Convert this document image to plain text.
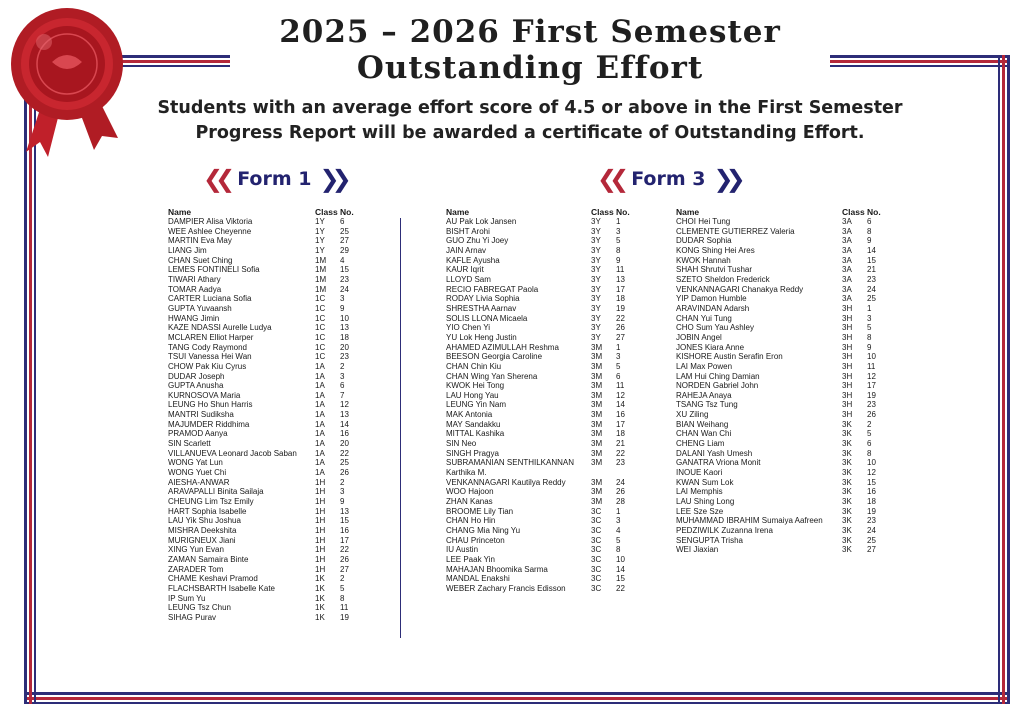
2025 – 2026 First Semester
Outstanding Effort
Students with an average effort score of 4.5 or above in the First Semester
Progress Report will be awarded a certificate of Outstanding Effort.
❮❮ Form 1 ❯❯	❮❮ Form 3 ❯❯
Name	Class	No.
DAMPIER Alisa Viktoria	1Y	6
WEE Ashlee Cheyenne	1Y	25
MARTIN Eva May	1Y	27
LIANG Jim	1Y	29
CHAN Suet Ching	1M	4
LEMES FONTINELI Sofia	1M	15
TIWARI Athary	1M	23
TOMAR Aadya	1M	24
CARTER Luciana Sofia	1C	3
GUPTA Yuvaansh	1C	9
HWANG Jimin	1C	10
KAZE NDASSI Aurelle Ludya	1C	13
MCLAREN Elliot Harper	1C	18
TANG Cody Raymond	1C	20
TSUI Vanessa Hei Wan	1C	23
CHOW Pak Kiu Cyrus	1A	2
DUDAR Joseph	1A	3
GUPTA Anusha	1A	6
KURNOSOVA Maria	1A	7
LEUNG Ho Shun Harris	1A	12
MANTRI Sudiksha	1A	13
MAJUMDER Riddhima	1A	14
PRAMOD Aanya	1A	16
SIN Scarlett	1A	20
VILLANUEVA Leonard Jacob Saban	1A	22
WONG Yat Lun	1A	25
WONG Yuet Chi	1A	26
AIESHA-ANWAR	1H	2
ARAVAPALLI Binita Sailaja	1H	3
CHEUNG Lim Tsz Emily	1H	9
HART Sophia Isabelle	1H	13
LAU Yik Shu Joshua	1H	15
MISHRA Deekshita	1H	16
MURIGNEUX Jiani	1H	17
XING Yun Evan	1H	22
ZAMAN Samaira Binte	1H	26
ZARADER Tom	1H	27
CHAME Keshavi Pramod	1K	2
FLACHSBARTH Isabelle Kate	1K	5
IP Sum Yu	1K	8
LEUNG Tsz Chun	1K	11
SIHAG Purav	1K	19
Name	Class	No.
AU Pak Lok Jansen	3Y	1
BISHT Arohi	3Y	3
GUO Zhu Yi Joey	3Y	5
JAIN Arnav	3Y	8
KAFLE Ayusha	3Y	9
KAUR Iqrit	3Y	11
LLOYD Sam	3Y	13
RECIO FABREGAT Paola	3Y	17
RODAY Livia Sophia	3Y	18
SHRESTHA Aarnav	3Y	19
SOLIS LLONA Micaela	3Y	22
YIO Chen Yi	3Y	26
YU Lok Heng Justin	3Y	27
AHAMED AZIMULLAH Reshma	3M	1
BEESON Georgia Caroline	3M	3
CHAN Chin Kiu	3M	5
CHAN Wing Yan Sherena	3M	6
KWOK Hei Tong	3M	11
LAU Hong Yau	3M	12
LEUNG Yin Nam	3M	14
MAK Antonia	3M	16
MAY Sandakku	3M	17
MITTAL Kashika	3M	18
SIN Neo	3M	21
SINGH Pragya	3M	22
SUBRAMANIAN SENTHILKANNAN	3M	23
Karthika M.		
VENKANNAGARI Kautilya Reddy	3M	24
WOO Hajoon	3M	26
ZHAN Kanas	3M	28
BROOME Lily Tian	3C	1
CHAN Ho Hin	3C	3
CHANG Mia Ning Yu	3C	4
CHAU Princeton	3C	5
IU Austin	3C	8
LEE Paak Yin	3C	10
MAHAJAN Bhoomika Sarma	3C	14
MANDAL Enakshi	3C	15
WEBER Zachary Francis Edisson	3C	22
Name	Class	No.
CHOI Hei Tung	3A	6
CLEMENTE GUTIERREZ Valeria	3A	8
DUDAR Sophia	3A	9
KONG Shing Hei Ares	3A	14
KWOK Hannah	3A	15
SHAH Shrutvi Tushar	3A	21
SZETO Sheldon Frederick	3A	23
VENKANNAGARI Chanakya Reddy	3A	24
YIP Damon Humble	3A	25
ARAVINDAN Adarsh	3H	1
CHAN Yui Tung	3H	3
CHO Sum Yau Ashley	3H	5
JOBIN Angel	3H	8
JONES Kiara Anne	3H	9
KISHORE Austin Serafin Eron	3H	10
LAI Max Powen	3H	11
LAM Hui Ching Damian	3H	12
NORDEN Gabriel John	3H	17
RAHEJA Anaya	3H	19
TSANG Tsz Tung	3H	23
XU Ziling	3H	26
BIAN Weihang	3K	2
CHAN Wan Chi	3K	5
CHENG Liam	3K	6
DALANI Yash Umesh	3K	8
GANATRA Vriona Monit	3K	10
INOUE Kaori	3K	12
KWAN Sum Lok	3K	15
LAI Memphis	3K	16
LAU Shing Long	3K	18
LEE Sze Sze	3K	19
MUHAMMAD IBRAHIM Sumaiya Aafreen	3K	23
PEDZIWILK Zuzanna Irena	3K	24
SENGUPTA Trisha	3K	25
WEI Jiaxian	3K	27
